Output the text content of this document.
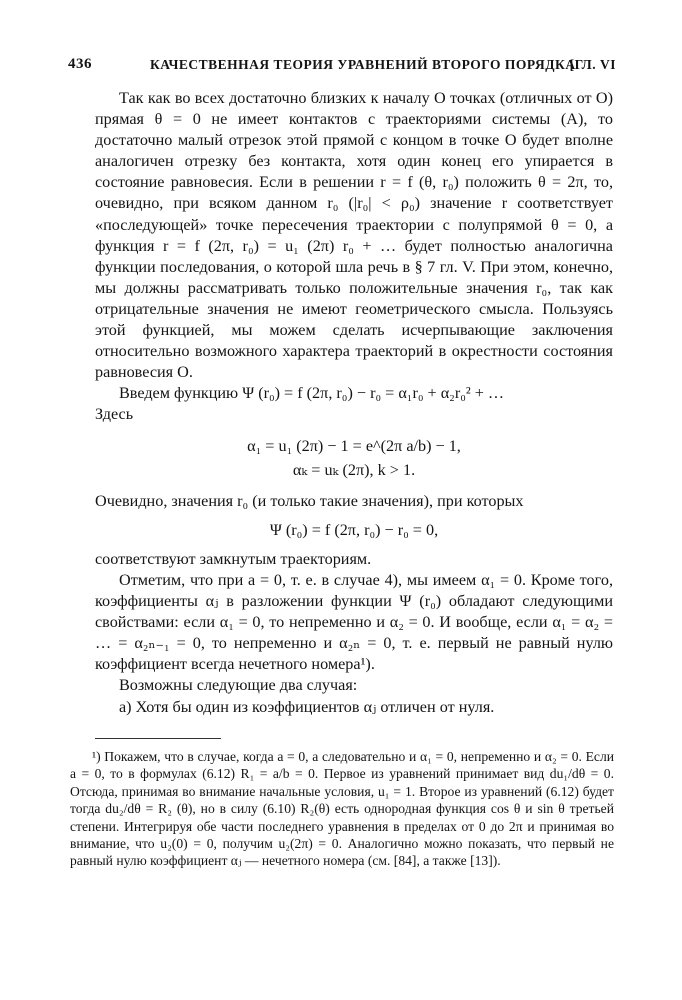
436	КАЧЕСТВЕННАЯ ТЕОРИЯ УРАВНЕНИЙ ВТОРОГО ПОРЯДКА
[ГЛ. VI

Так как во всех достаточно близких к началу O точках (отличных от O) прямая θ = 0 не имеет контактов с траекториями системы (A), то достаточно малый отрезок этой прямой с концом в точке O будет вполне аналогичен отрезку без контакта, хотя один конец его упирается в состояние равновесия. Если в решении r = f (θ, r₀) положить θ = 2π, то, очевидно, при всяком данном r₀ (|r₀| < ρ₀) значение r соответствует «последующей» точке пересечения траектории с полупрямой θ = 0, а функция r = f (2π, r₀) = u₁ (2π) r₀ + … будет полностью аналогична функции последования, о которой шла речь в § 7 гл. V. При этом, конечно, мы должны рассматривать только положительные значения r₀, так как отрицательные значения не имеют геометрического смысла. Пользуясь этой функцией, мы можем сделать исчерпывающие заключения относительно возможного характера траекторий в окрестности состояния равновесия O.

Введем функцию Ψ (r₀) = f (2π, r₀) − r₀ = α₁r₀ + α₂r₀² + …

Здесь

α₁ = u₁ (2π) − 1 = e^(2π a/b) − 1,

αₖ = uₖ (2π), k > 1.

Очевидно, значения r₀ (и только такие значения), при которых

Ψ (r₀) = f (2π, r₀) − r₀ = 0,

соответствуют замкнутым траекториям.

Отметим, что при a = 0, т. е. в случае 4), мы имеем α₁ = 0. Кроме того, коэффициенты αⱼ в разложении функции Ψ (r₀) обладают следующими свойствами: если α₁ = 0, то непременно и α₂ = 0. И вообще, если α₁ = α₂ = … = α₂ₙ₋₁ = 0, то непременно и α₂ₙ = 0, т. е. первый не равный нулю коэффициент всегда нечетного номера¹).

Возможны следующие два случая:

а) Хотя бы один из коэффициентов αⱼ отличен от нуля.

¹) Покажем, что в случае, когда a = 0, а следовательно и α₁ = 0, непременно и α₂ = 0. Если a = 0, то в формулах (6.12) R₁ = a/b = 0. Первое из уравнений принимает вид du₁/dθ = 0. Отсюда, принимая во внимание начальные условия, u₁ = 1. Второе из уравнений (6.12) будет тогда du₂/dθ = R₂ (θ), но в силу (6.10) R₂(θ) есть однородная функция cos θ и sin θ третьей степени. Интегрируя обе части последнего уравнения в пределах от 0 до 2π и принимая во внимание, что u₂(0) = 0, получим u₂(2π) = 0. Аналогично можно показать, что первый не равный нулю коэффициент αⱼ — нечетного номера (см. [84], а также [13]).
